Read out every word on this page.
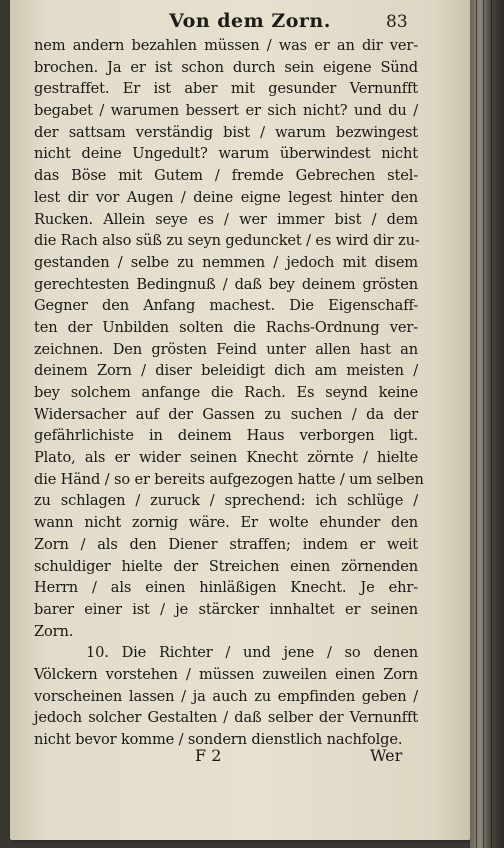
Von dem Zorn.	83
nem andern bezahlen müssen / was er an dir ver-
brochen. Ja er ist schon durch sein eigene Sünd
gestraffet. Er ist aber mit gesunder Vernunfft
begabet / warumen bessert er sich nicht? und du /
der sattsam verständig bist / warum bezwingest
nicht deine Ungedult? warum überwindest nicht
das Böse mit Gutem / fremde Gebrechen stel-
lest dir vor Augen / deine eigne legest hinter den
Rucken. Allein seye es / wer immer bist / dem
die Rach also süß zu seyn geduncket / es wird dir zu-
gestanden / selbe zu nemmen / jedoch mit disem
gerechtesten Bedingnuß / daß bey deinem grösten
Gegner den Anfang machest. Die Eigenschaff-
ten der Unbilden solten die Rachs-Ordnung ver-
zeichnen. Den grösten Feind unter allen hast an
deinem Zorn / diser beleidigt dich am meisten /
bey solchem anfange die Rach. Es seynd keine
Widersacher auf der Gassen zu suchen / da der
gefährlichiste in deinem Haus verborgen ligt.
Plato, als er wider seinen Knecht zörnte / hielte
die Händ / so er bereits aufgezogen hatte / um selben
zu schlagen / zuruck / sprechend: ich schlüge /
wann nicht zornig wäre. Er wolte ehunder den
Zorn / als den Diener straffen; indem er weit
schuldiger hielte der Streichen einen zörnenden
Herrn / als einen hinläßigen Knecht. Je ehr-
barer einer ist / je stärcker innhaltet er seinen
Zorn.
10. Die Richter / und jene / so denen
Völckern vorstehen / müssen zuweilen einen Zorn
vorscheinen lassen / ja auch zu empfinden geben /
jedoch solcher Gestalten / daß selber der Vernunfft
nicht bevor komme / sondern dienstlich nachfolge.
F 2	Wer
